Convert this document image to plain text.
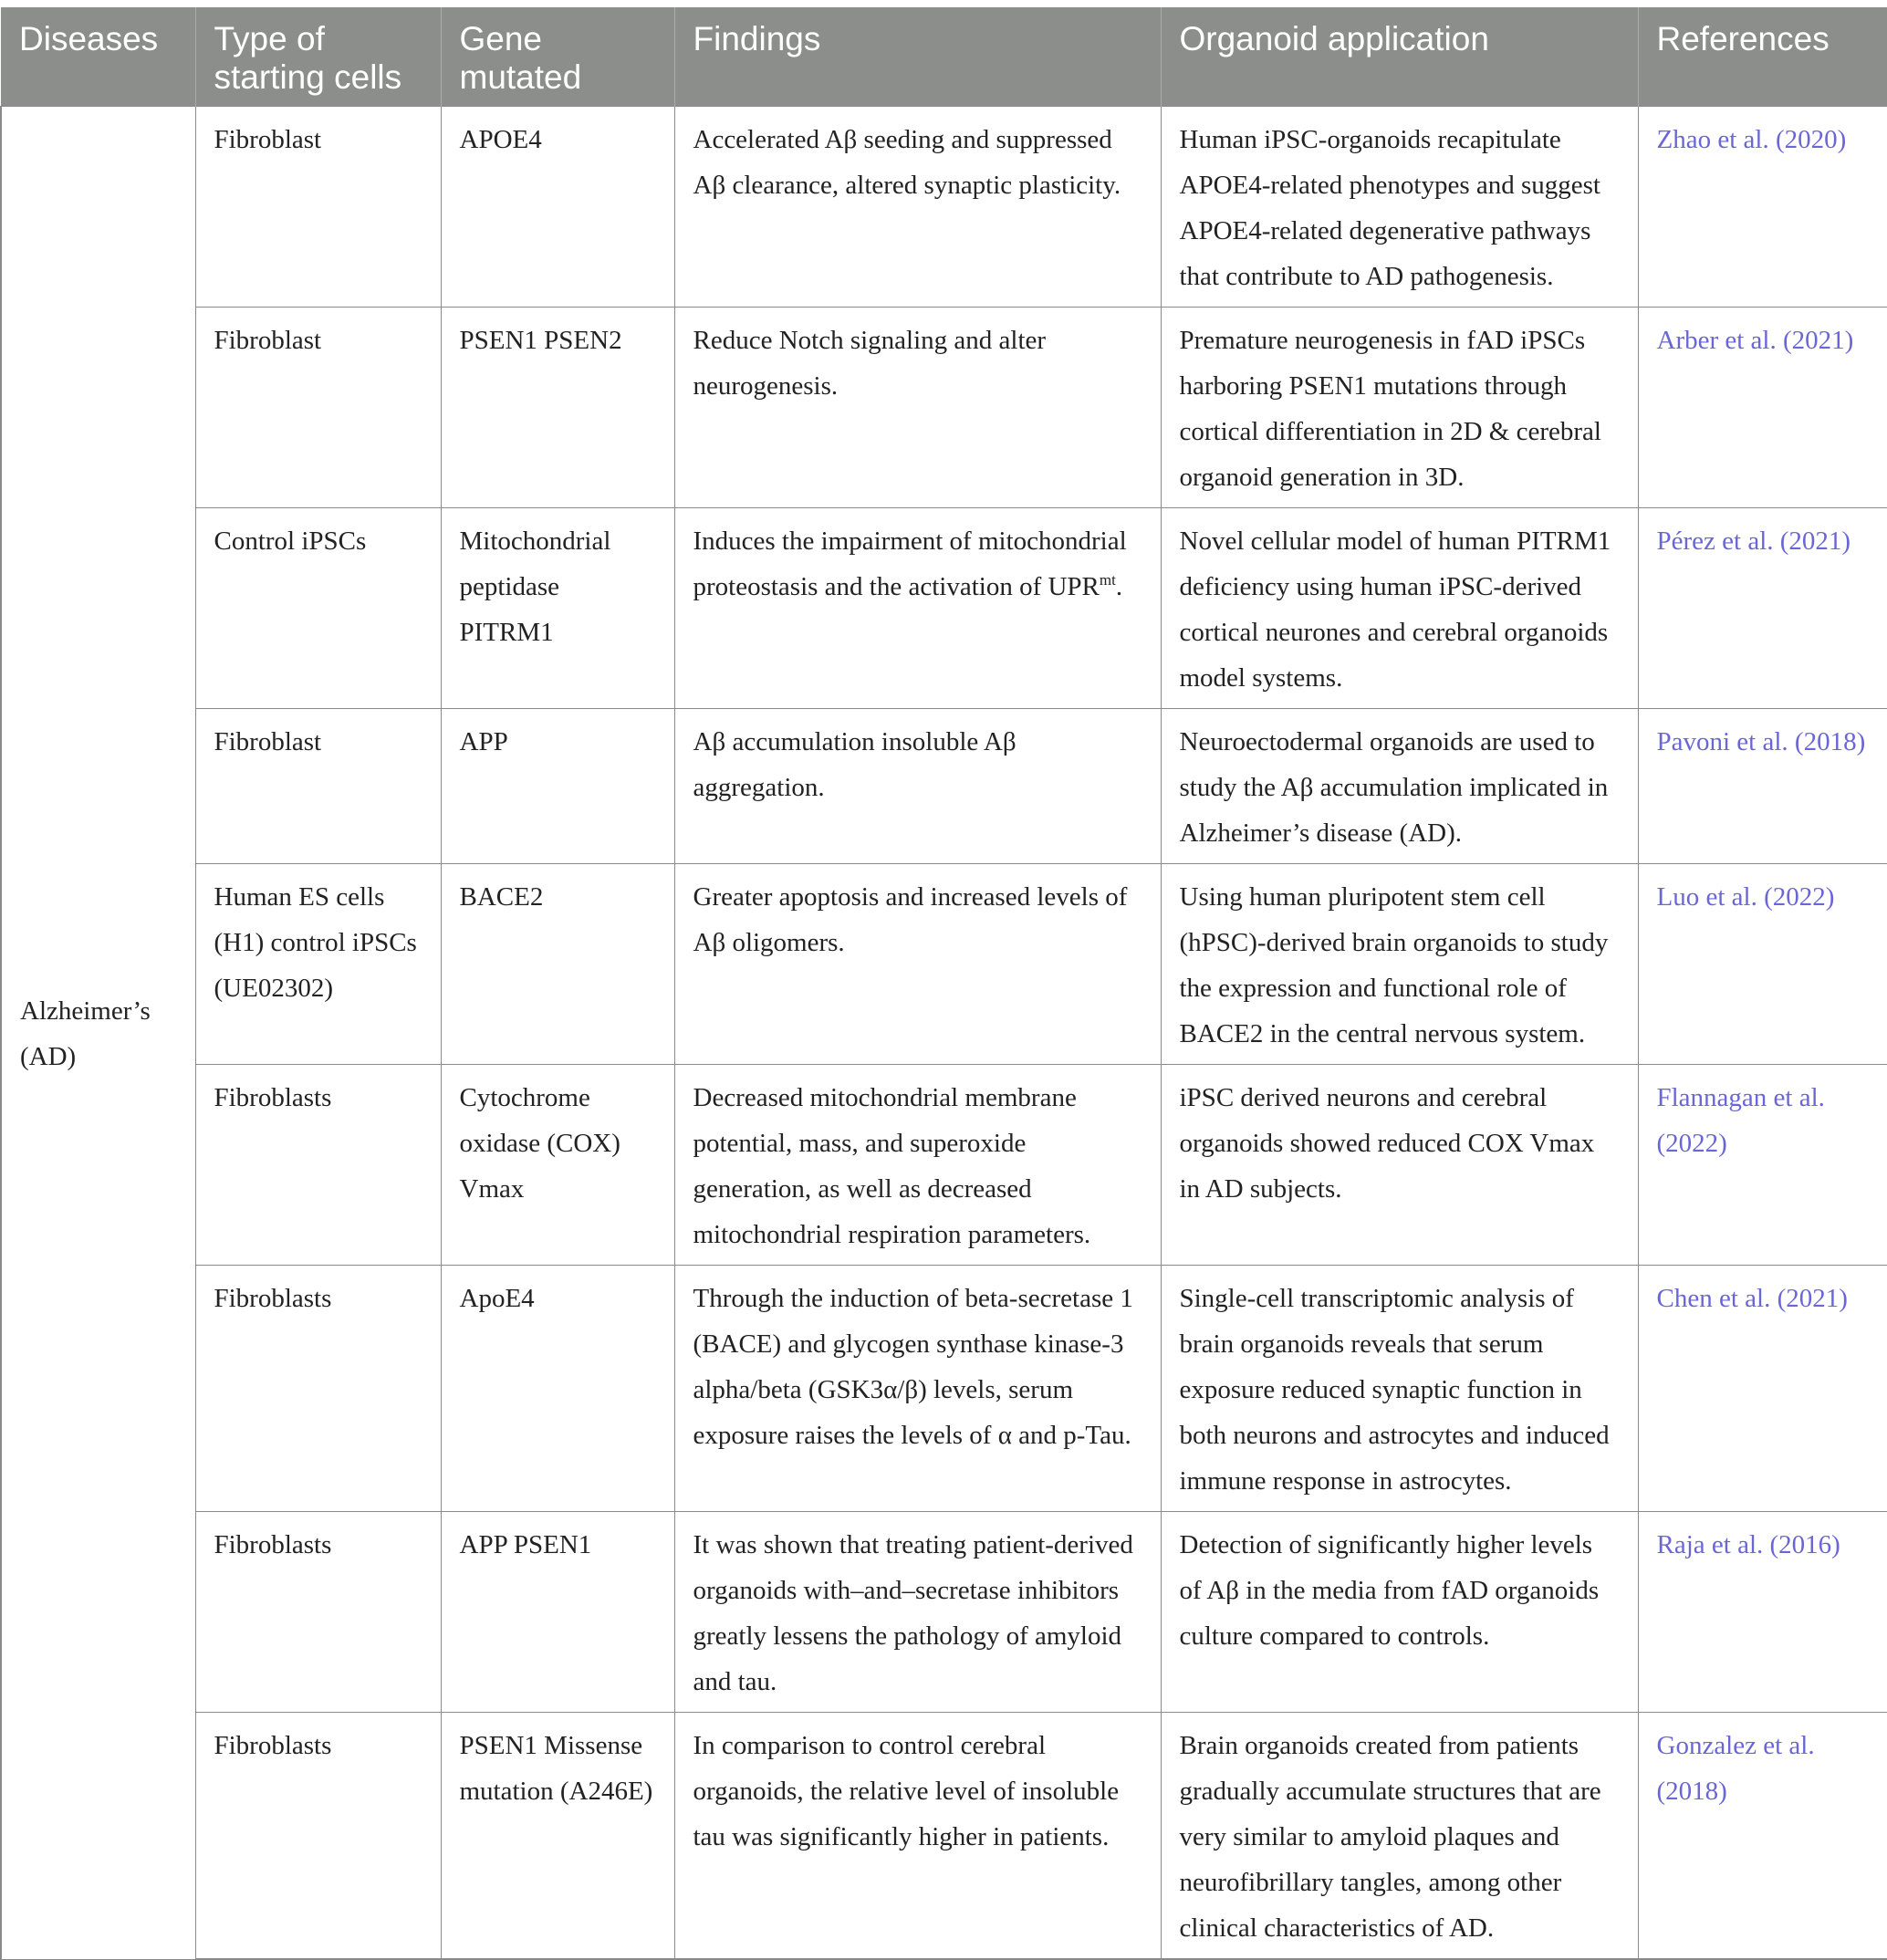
Diseases	Type of starting cells	Gene mutated	Findings	Organoid application	References
Alzheimer’s (AD)	Fibroblast	APOE4	Accelerated Aβ seeding and suppressed Aβ clearance, altered synaptic plasticity.	Human iPSC-organoids recapitulate APOE4-related phenotypes and suggest APOE4-related degenerative pathways that contribute to AD pathogenesis.	Zhao et al. (2020)
	Fibroblast	PSEN1 PSEN2	Reduce Notch signaling and alter neurogenesis.	Premature neurogenesis in fAD iPSCs harboring PSEN1 mutations through cortical differentiation in 2D & cerebral organoid generation in 3D.	Arber et al. (2021)
	Control iPSCs	Mitochondrial peptidase PITRM1	Induces the impairment of mitochondrial proteostasis and the activation of $UPR^{mt}$.	Novel cellular model of human PITRM1 deficiency using human iPSC-derived cortical neurones and cerebral organoids model systems.	Pérez et al. (2021)
	Fibroblast	APP	Aβ accumulation insoluble Aβ aggregation.	Neuroectodermal organoids are used to study the Aβ accumulation implicated in Alzheimer’s disease (AD).	Pavoni et al. (2018)
	Human ES cells (H1) control iPSCs (UE02302)	BACE2	Greater apoptosis and increased levels of Aβ oligomers.	Using human pluripotent stem cell (hPSC)-derived brain organoids to study the expression and functional role of BACE2 in the central nervous system.	Luo et al. (2022)
	Fibroblasts	Cytochrome oxidase (COX) Vmax	Decreased mitochondrial membrane potential, mass, and superoxide generation, as well as decreased mitochondrial respiration parameters.	iPSC derived neurons and cerebral organoids showed reduced COX Vmax in AD subjects.	Flannagan et al. (2022)
	Fibroblasts	ApoE4	Through the induction of beta-secretase 1 (BACE) and glycogen synthase kinase-3 alpha/beta (GSK3α/β) levels, serum exposure raises the levels of α and p-Tau.	Single-cell transcriptomic analysis of brain organoids reveals that serum exposure reduced synaptic function in both neurons and astrocytes and induced immune response in astrocytes.	Chen et al. (2021)
	Fibroblasts	APP PSEN1	It was shown that treating patient-derived organoids with–and–secretase inhibitors greatly lessens the pathology of amyloid and tau.	Detection of significantly higher levels of Aβ in the media from fAD organoids culture compared to controls.	Raja et al. (2016)
	Fibroblasts	PSEN1 Missense mutation (A246E)	In comparison to control cerebral organoids, the relative level of insoluble tau was significantly higher in patients.	Brain organoids created from patients gradually accumulate structures that are very similar to amyloid plaques and neurofibrillary tangles, among other clinical characteristics of AD.	Gonzalez et al. (2018)
